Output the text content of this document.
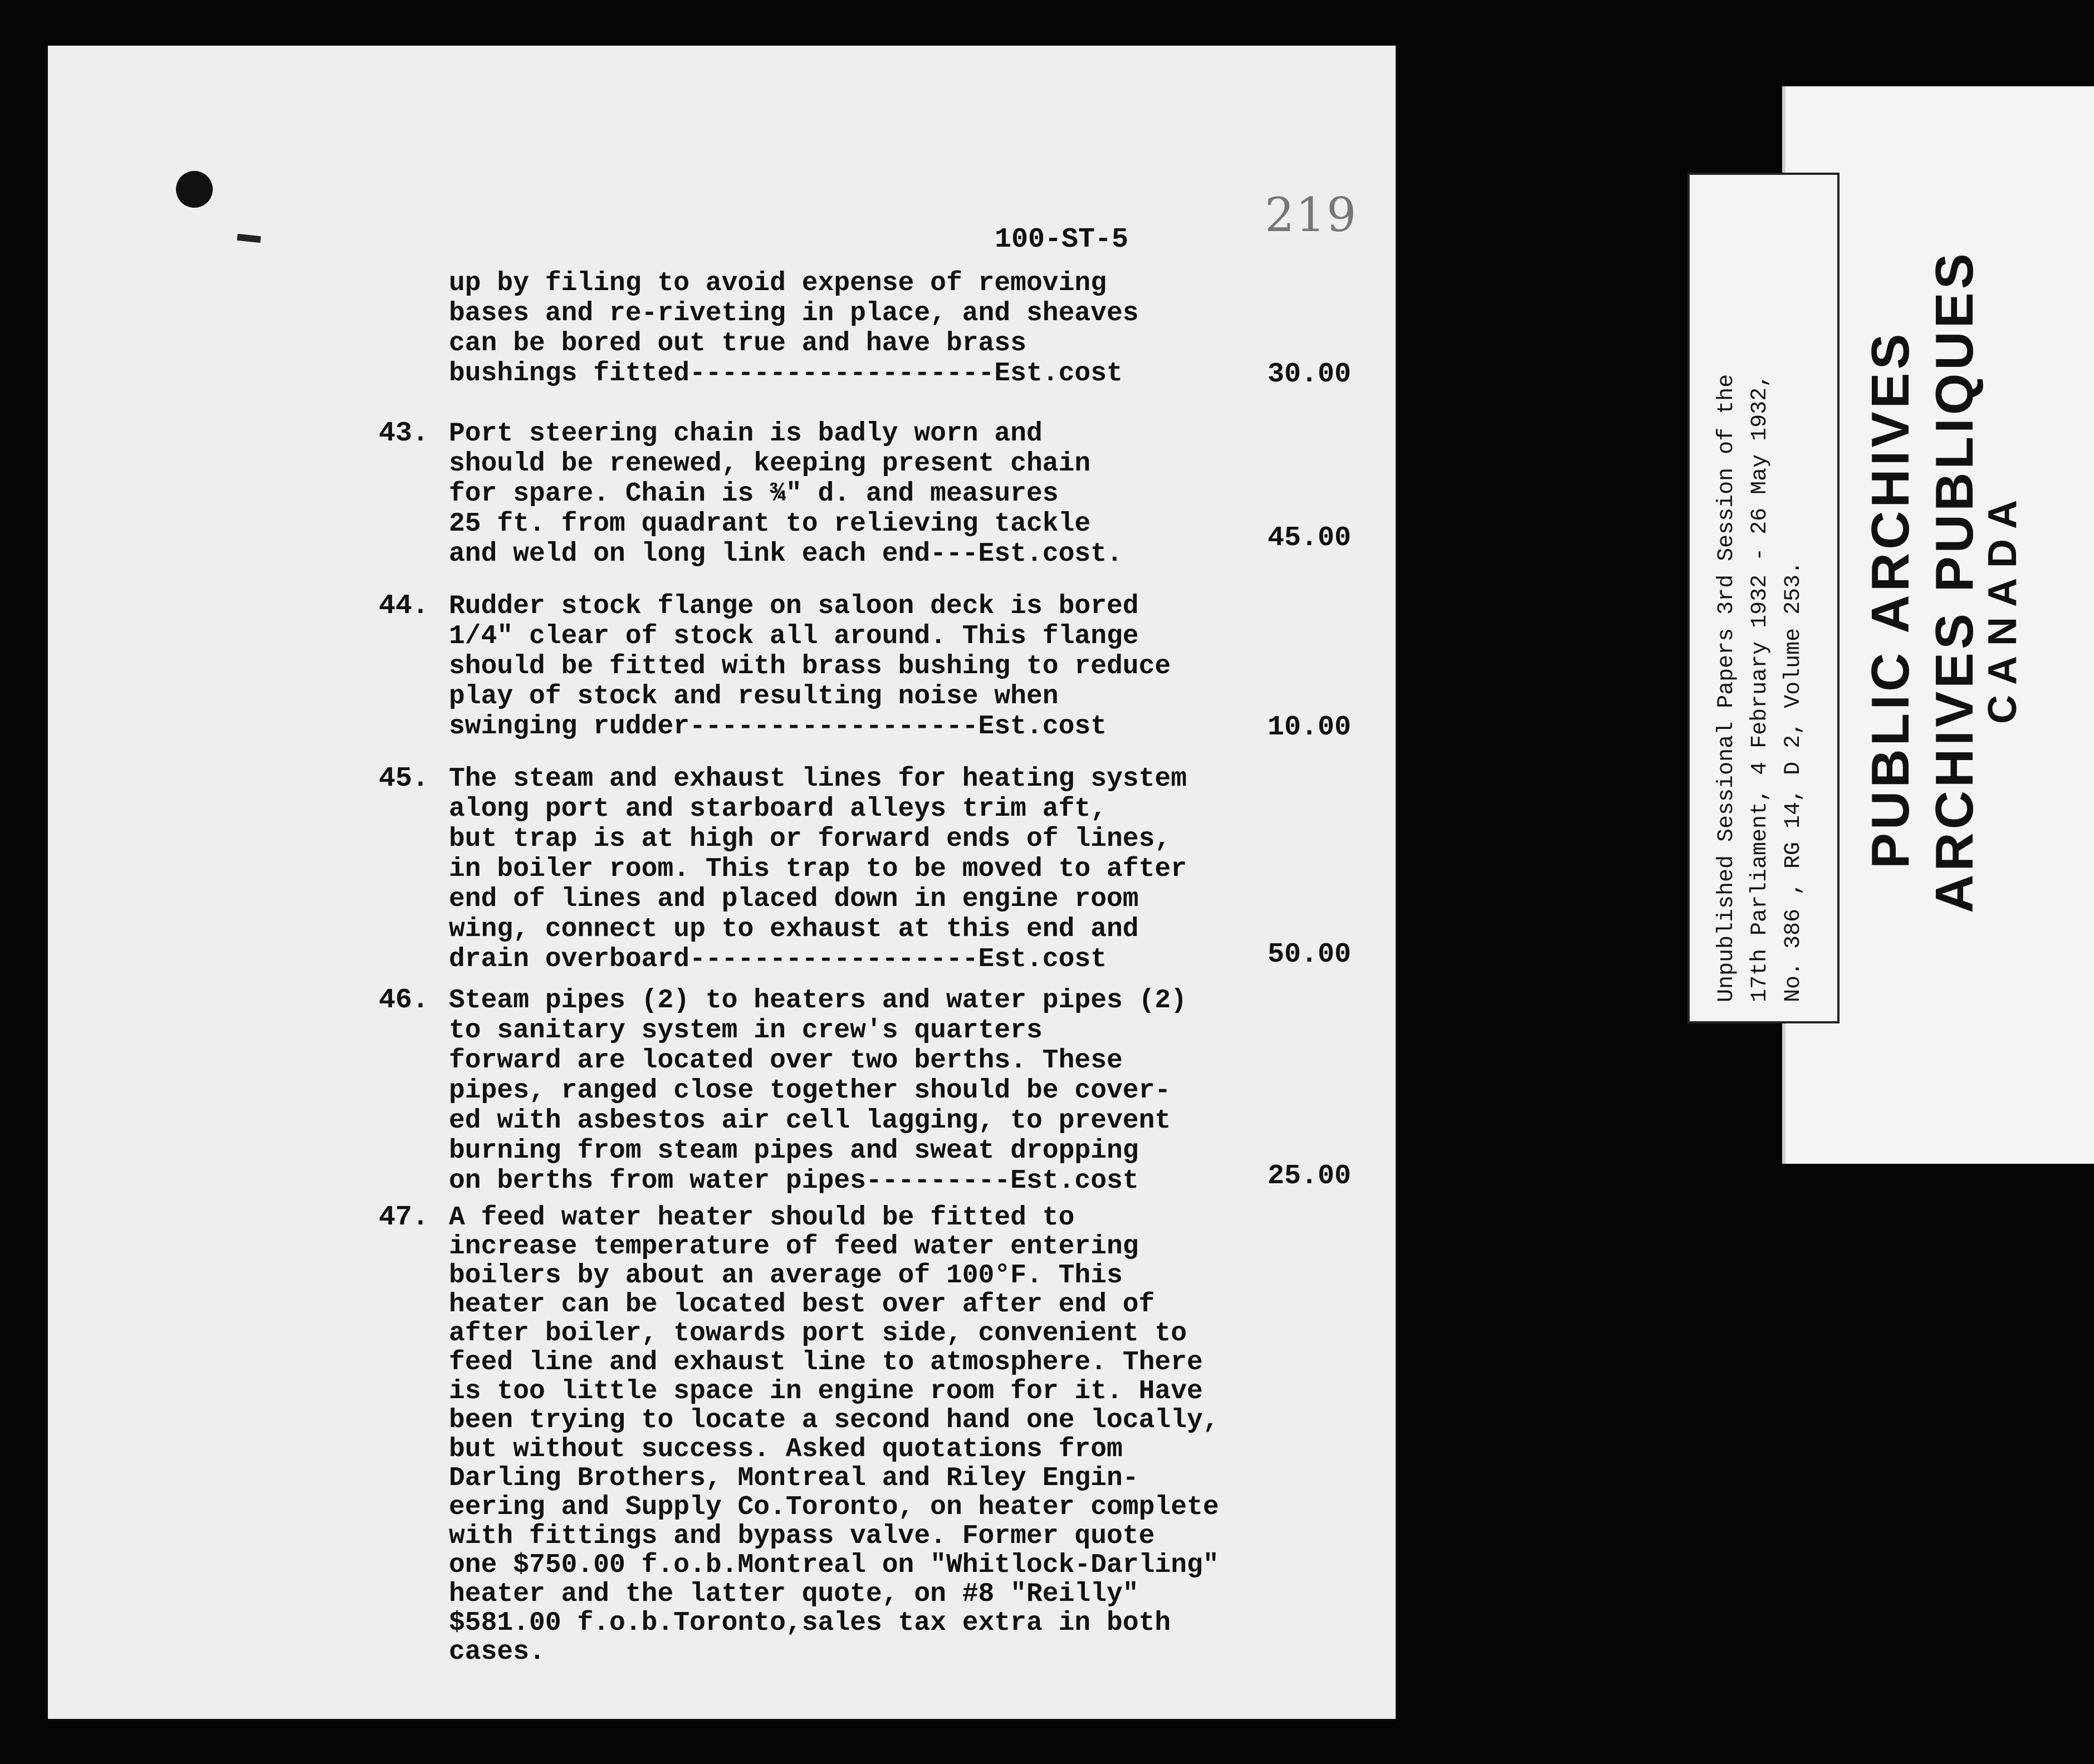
219
100-ST-5
up by filing to avoid expense of removing
bases and re-riveting in place, and sheaves
can be bored out true and have brass
bushings fitted-------------------Est.cost	30.00
43. Port steering chain is badly worn and
should be renewed, keeping present chain
for spare. Chain is ¾" d. and measures
25 ft. from quadrant to relieving tackle
and weld on long link each end---Est.cost.	45.00
44. Rudder stock flange on saloon deck is bored
1/4" clear of stock all around. This flange
should be fitted with brass bushing to reduce
play of stock and resulting noise when
swinging rudder------------------Est.cost	10.00
45. The steam and exhaust lines for heating system
along port and starboard alleys trim aft,
but trap is at high or forward ends of lines,
in boiler room. This trap to be moved to after
end of lines and placed down in engine room
wing, connect up to exhaust at this end and
drain overboard------------------Est.cost	50.00
46. Steam pipes (2) to heaters and water pipes (2)
to sanitary system in crew's quarters
forward are located over two berths. These
pipes, ranged close together should be cover-
ed with asbestos air cell lagging, to prevent
burning from steam pipes and sweat dropping
on berths from water pipes---------Est.cost	25.00
47. A feed water heater should be fitted to
increase temperature of feed water entering
boilers by about an average of 100°F. This
heater can be located best over after end of
after boiler, towards port side, convenient to
feed line and exhaust line to atmosphere. There
is too little space in engine room for it. Have
been trying to locate a second hand one locally,
but without success. Asked quotations from
Darling Brothers, Montreal and Riley Engin-
eering and Supply Co.Toronto, on heater complete
with fittings and bypass valve. Former quote
one $750.00 f.o.b.Montreal on "Whitlock-Darling"
heater and the latter quote, on #8 "Reilly"
$581.00 f.o.b.Toronto,sales tax extra in both
cases.
Unpublished Sessional Papers 3rd Session of the 17th Parliament, 4 February 1932 - 26 May 1932, No. 386 , RG 14, D 2, Volume 253. PUBLIC ARCHIVES ARCHIVES PUBLIQUES
CANADA
